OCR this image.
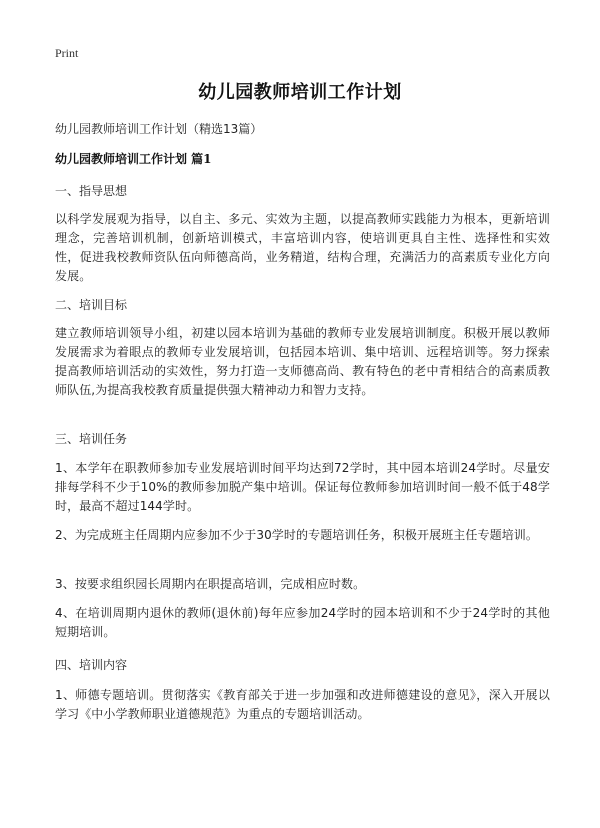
Print
幼儿园教师培训工作计划
幼儿园教师培训工作计划（精选13篇）
幼儿园教师培训工作计划 篇1
一、指导思想
以科学发展观为指导，以自主、多元、实效为主题，以提高教师实践能力为根本，更新培训理念，完善培训机制，创新培训模式，丰富培训内容，使培训更具自主性、选择性和实效性，促进我校教师资队伍向师德高尚，业务精道，结构合理，充满活力的高素质专业化方向发展。
二、培训目标
建立教师培训领导小组，初建以园本培训为基础的教师专业发展培训制度。积极开展以教师发展需求为着眼点的教师专业发展培训，包括园本培训、集中培训、远程培训等。努力探索提高教师培训活动的实效性，努力打造一支师德高尚、教有特色的老中青相结合的高素质教师队伍,为提高我校教育质量提供强大精神动力和智力支持。
三、培训任务
1、本学年在职教师参加专业发展培训时间平均达到72学时，其中园本培训24学时。尽量安排每学科不少于10%的教师参加脱产集中培训。保证每位教师参加培训时间一般不低于48学时，最高不超过144学时。
2、为完成班主任周期内应参加不少于30学时的专题培训任务，积极开展班主任专题培训。
3、按要求组织园长周期内在职提高培训，完成相应时数。
4、在培训周期内退休的教师(退休前)每年应参加24学时的园本培训和不少于24学时的其他短期培训。
四、培训内容
1、师德专题培训。贯彻落实《教育部关于进一步加强和改进师德建设的意见》，深入开展以学习《中小学教师职业道德规范》为重点的专题培训活动。
